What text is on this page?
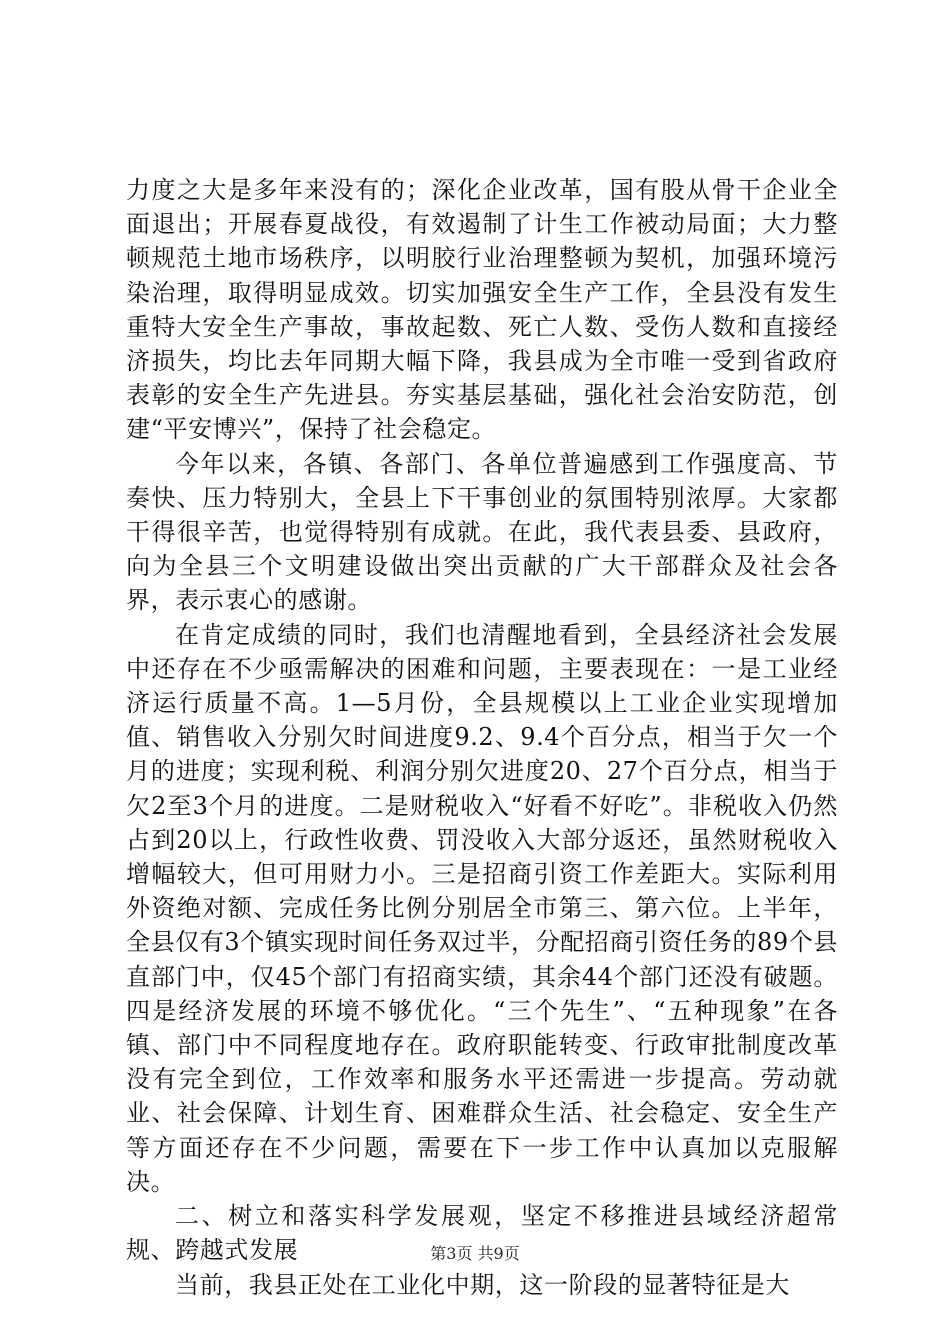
力度之大是多年来没有的；深化企业改革，国有股从骨干企业全面退出；开展春夏战役，有效遏制了计生工作被动局面；大力整顿规范土地市场秩序，以明胶行业治理整顿为契机，加强环境污染治理，取得明显成效。切实加强安全生产工作，全县没有发生重特大安全生产事故，事故起数、死亡人数、受伤人数和直接经济损失，均比去年同期大幅下降，我县成为全市唯一受到省政府表彰的安全生产先进县。夯实基层基础，强化社会治安防范，创建“平安博兴”，保持了社会稳定。

今年以来，各镇、各部门、各单位普遍感到工作强度高、节奏快、压力特别大，全县上下干事创业的氛围特别浓厚。大家都干得很辛苦，也觉得特别有成就。在此，我代表县委、县政府，向为全县三个文明建设做出突出贡献的广大干部群众及社会各界，表示衷心的感谢。

在肯定成绩的同时，我们也清醒地看到，全县经济社会发展中还存在不少亟需解决的困难和问题，主要表现在：一是工业经济运行质量不高。1—5月份，全县规模以上工业企业实现增加值、销售收入分别欠时间进度9.2、9.4个百分点，相当于欠一个月的进度；实现利税、利润分别欠进度20、27个百分点，相当于欠2至3个月的进度。二是财税收入“好看不好吃”。非税收入仍然占到20以上，行政性收费、罚没收入大部分返还，虽然财税收入增幅较大，但可用财力小。三是招商引资工作差距大。实际利用外资绝对额、完成任务比例分别居全市第三、第六位。上半年，全县仅有3个镇实现时间任务双过半，分配招商引资任务的89个县直部门中，仅45个部门有招商实绩，其余44个部门还没有破题。四是经济发展的环境不够优化。“三个先生”、“五种现象”在各镇、部门中不同程度地存在。政府职能转变、行政审批制度改革没有完全到位，工作效率和服务水平还需进一步提高。劳动就业、社会保障、计划生育、困难群众生活、社会稳定、安全生产等方面还存在不少问题，需要在下一步工作中认真加以克服解决。

二、树立和落实科学发展观，坚定不移推进县域经济超常规、跨越式发展

当前，我县正处在工业化中期，这一阶段的显著特征是大

第3页 共9页
